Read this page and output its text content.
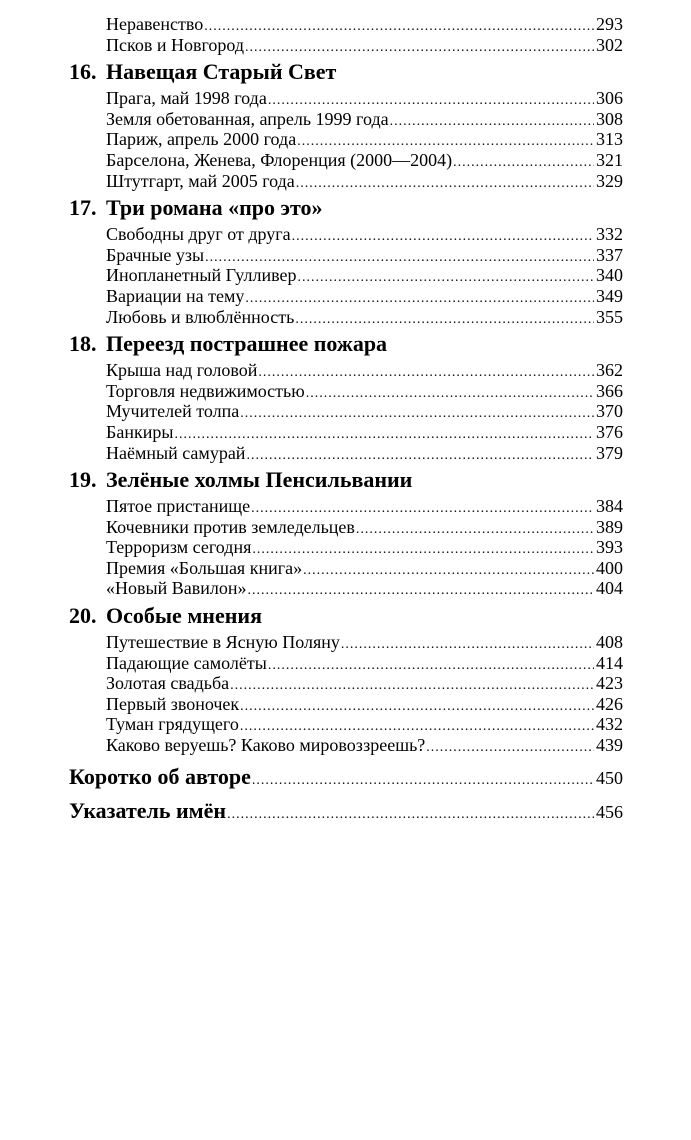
Неравенство .....	293
Псков и Новгород .....	302
16. Навещая Старый Свет
Прага, май 1998 года .....	306
Земля обетованная, апрель 1999 года .....	308
Париж, апрель 2000 года .....	313
Барселона, Женева, Флоренция (2000—2004) .....	321
Штутгарт, май 2005 года .....	329
17. Три романа «про это»
Свободны друг от друга .....	332
Брачные узы .....	337
Инопланетный Гулливер .....	340
Вариации на тему .....	349
Любовь и влюблённость .....	355
18. Переезд пострашнее пожара
Крыша над головой .....	362
Торговля недвижимостью .....	366
Мучителей толпа .....	370
Банкиры .....	376
Наёмный самурай .....	379
19. Зелёные холмы Пенсильвании
Пятое пристанище .....	384
Кочевники против земледельцев .....	389
Терроризм сегодня .....	393
Премия «Большая книга» .....	400
«Новый Вавилон» .....	404
20. Особые мнения
Путешествие в Ясную Поляну .....	408
Падающие самолёты .....	414
Золотая свадьба .....	423
Первый звоночек .....	426
Туман грядущего .....	432
Каково веруешь? Каково мировоззреешь? .....	439
Коротко об авторе .....	450
Указатель имён .....	456
